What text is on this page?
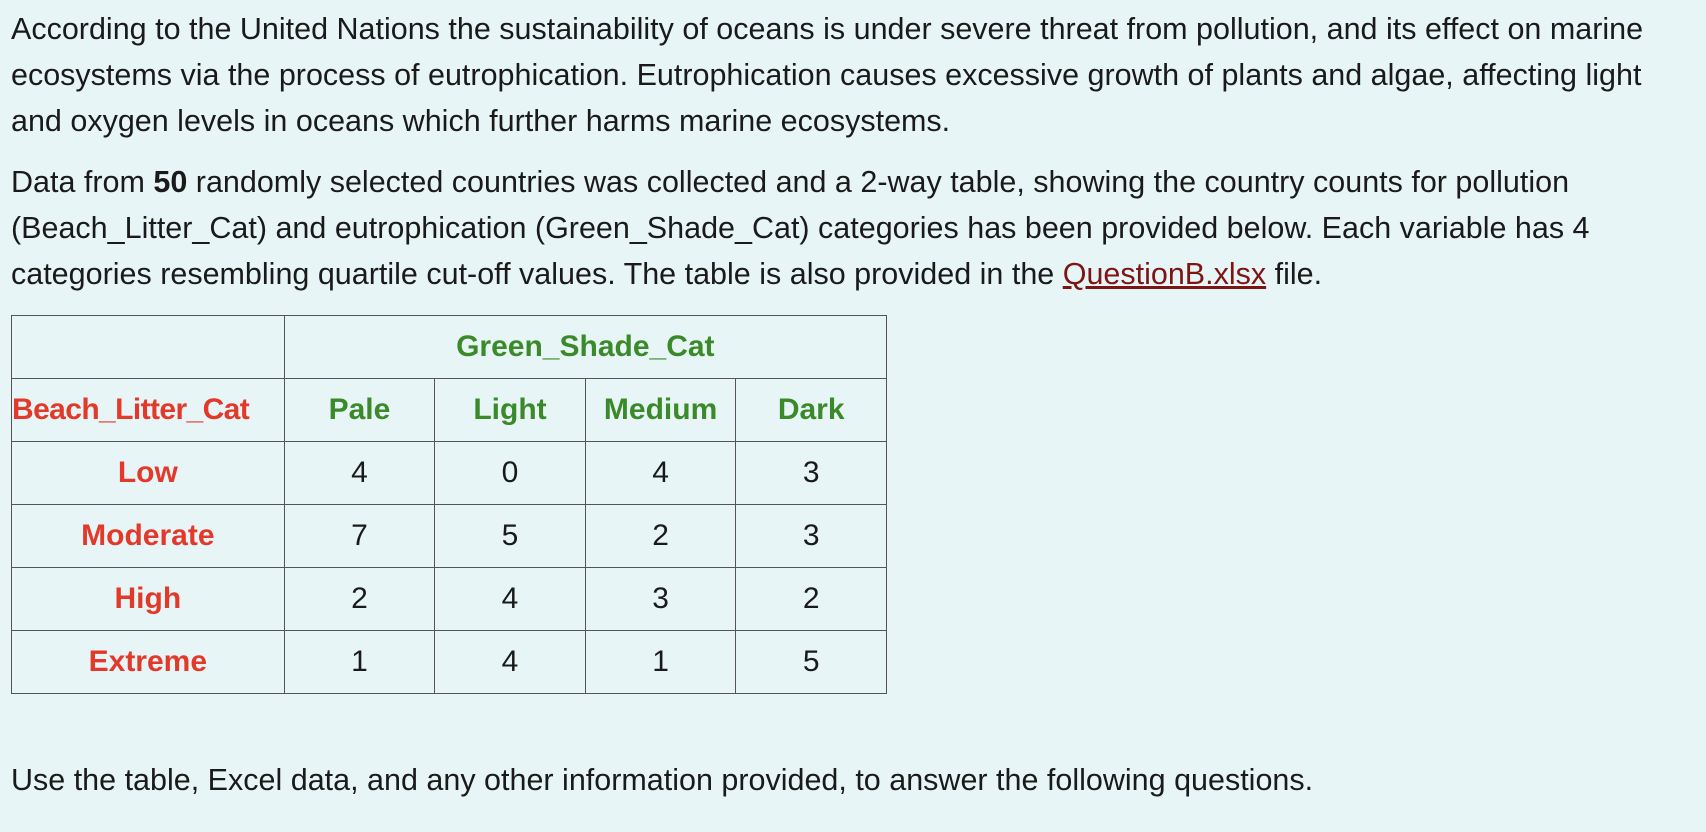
According to the United Nations the sustainability of oceans is under severe threat from pollution, and its effect on marine ecosystems via the process of eutrophication. Eutrophication causes excessive growth of plants and algae, affecting light and oxygen levels in oceans which further harms marine ecosystems.

Data from 50 randomly selected countries was collected and a 2-way table, showing the country counts for pollution (Beach_Litter_Cat) and eutrophication (Green_Shade_Cat) categories has been provided below. Each variable has 4 categories resembling quartile cut-off values. The table is also provided in the QuestionB.xlsx file.

	Green_Shade_Cat			
Beach_Litter_Cat	Pale	Light	Medium	Dark
Low	4	0	4	3
Moderate	7	5	2	3
High	2	4	3	2
Extreme	1	4	1	5

Use the table, Excel data, and any other information provided, to answer the following questions.
